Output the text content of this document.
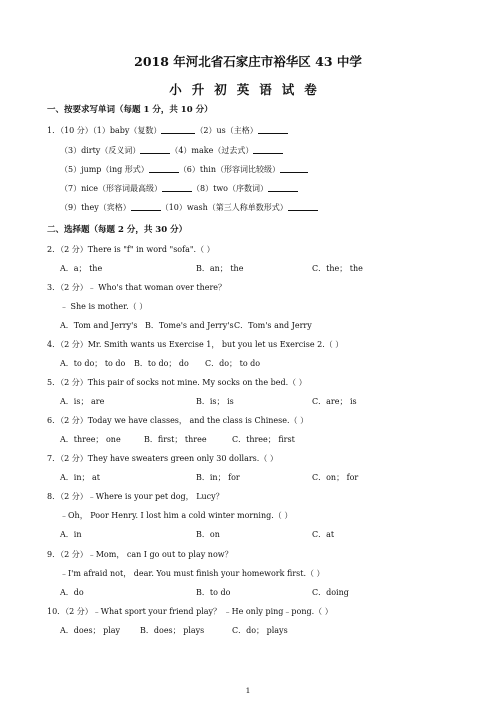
2018 年河北省石家庄市裕华区 43 中学
小升初英语试卷
一、按要求写单词（每题 1 分，共 10 分）
1．（10 分）（1）baby（复数）	（2）us（主格）
（3）dirty（反义词）	（4）make（过去式）
（5）jump（ing 形式）	（6）thin（形容词比较级）
（7）nice（形容词最高级）	（8）two（序数词）
（9）they（宾格）	（10）wash（第三人称单数形式）
二、选择题（每题 2 分，共 30 分）
2．（2 分）There is "f" in word "sofa".（ ）
A．a； the	B．an； the	C．the； the
3．（2 分）﹣ Who's that woman over there？
﹣ She is mother.（ ）
A．Tom and Jerry's B．Tome's and Jerry's C．Tom's and Jerry
4．（2 分）Mr. Smith wants us Exercise 1， but you let us Exercise 2.（ ）
A．to do； to do B．to do； do C．do； to do
5．（2 分）This pair of socks not mine. My socks on the bed.（ ）
A．is； are	B．is； is	C．are； is
6．（2 分）Today we have classes， and the class is Chinese.（ ）
A．three； one	B．first； three	C．three； first
7．（2 分）They have sweaters green only 30 dollars.（ ）
A．in； at	B．in； for	C．on； for
8．（2 分）﹣Where is your pet dog， Lucy？
﹣Oh， Poor Henry. I lost him a cold winter morning.（ ）
A．in	B．on	C．at
9．（2 分）﹣Mom， can I go out to play now？
﹣I'm afraid not， dear. You must finish your homework first.（ ）
A．do	B．to do	C．doing
10．（2 分）﹣What sport your friend play？ ﹣He only ping﹣pong.（ ）
A．does； play B．does； plays	C．do； plays
1
